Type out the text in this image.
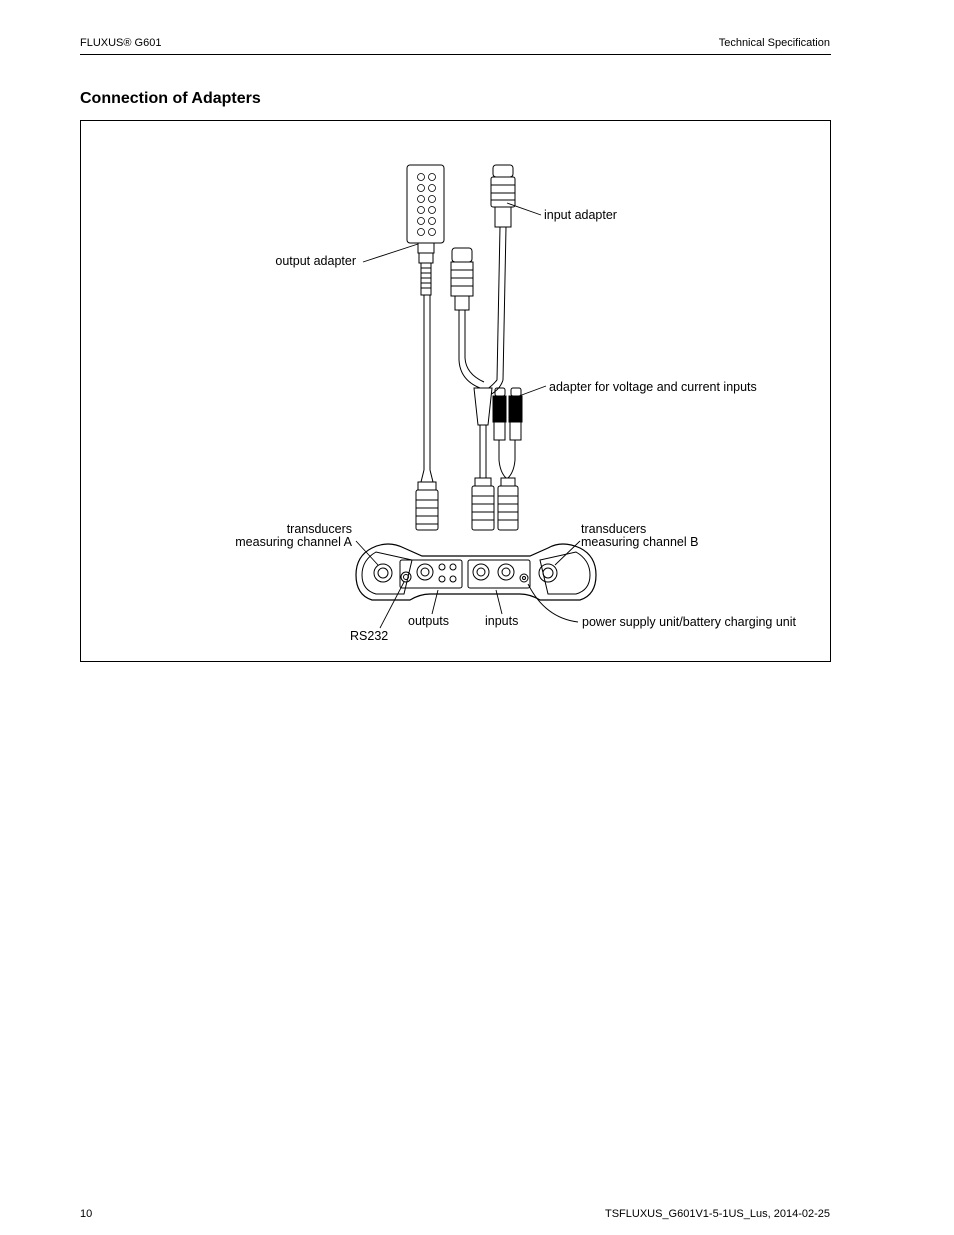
FLUXUS® G601	Technical Specification
Connection of Adapters
output adapter
input adapter
adapter for voltage and current inputs
transducers
measuring channel A
transducers
measuring channel B
outputs	inputs
RS232
power supply unit/battery charging unit
10	TSFLUXUS_G601V1-5-1US_Lus, 2014-02-25
